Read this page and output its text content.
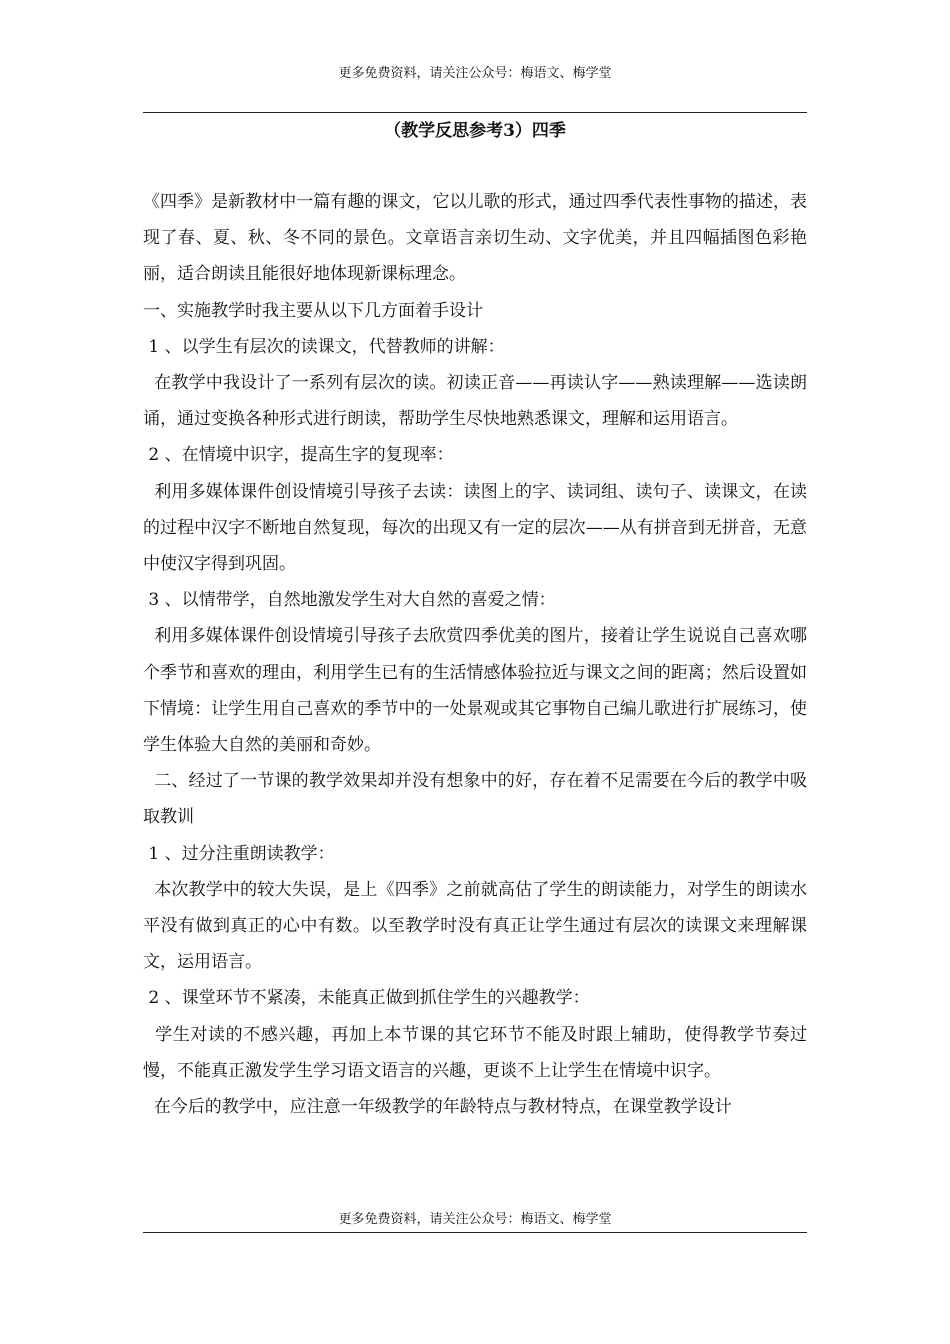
更多免费资料，请关注公众号：梅语文、梅学堂
（教学反思参考3）四季

《四季》是新教材中一篇有趣的课文，它以儿歌的形式，通过四季代表性事物的描述，表现了春、夏、秋、冬不同的景色。文章语言亲切生动、文字优美，并且四幅插图色彩艳丽，适合朗读且能很好地体现新课标理念。

一、实施教学时我主要从以下几方面着手设计

1 、以学生有层次的读课文，代替教师的讲解：

在教学中我设计了一系列有层次的读。初读正音——再读认字——熟读理解——选读朗诵，通过变换各种形式进行朗读，帮助学生尽快地熟悉课文，理解和运用语言。

2 、在情境中识字，提高生字的复现率：

利用多媒体课件创设情境引导孩子去读：读图上的字、读词组、读句子、读课文，在读的过程中汉字不断地自然复现，每次的出现又有一定的层次——从有拼音到无拼音，无意中使汉字得到巩固。

3 、以情带学，自然地激发学生对大自然的喜爱之情：

利用多媒体课件创设情境引导孩子去欣赏四季优美的图片，接着让学生说说自己喜欢哪个季节和喜欢的理由，利用学生已有的生活情感体验拉近与课文之间的距离；然后设置如下情境：让学生用自己喜欢的季节中的一处景观或其它事物自己编儿歌进行扩展练习，使学生体验大自然的美丽和奇妙。

二、经过了一节课的教学效果却并没有想象中的好，存在着不足需要在今后的教学中吸取教训

1 、过分注重朗读教学：

本次教学中的较大失误，是上《四季》之前就高估了学生的朗读能力，对学生的朗读水平没有做到真正的心中有数。以至教学时没有真正让学生通过有层次的读课文来理解课文，运用语言。

2 、课堂环节不紧凑，未能真正做到抓住学生的兴趣教学：

学生对读的不感兴趣，再加上本节课的其它环节不能及时跟上辅助，使得教学节奏过慢，不能真正激发学生学习语文语言的兴趣，更谈不上让学生在情境中识字。

在今后的教学中，应注意一年级教学的年龄特点与教材特点，在课堂教学设计

更多免费资料，请关注公众号：梅语文、梅学堂
